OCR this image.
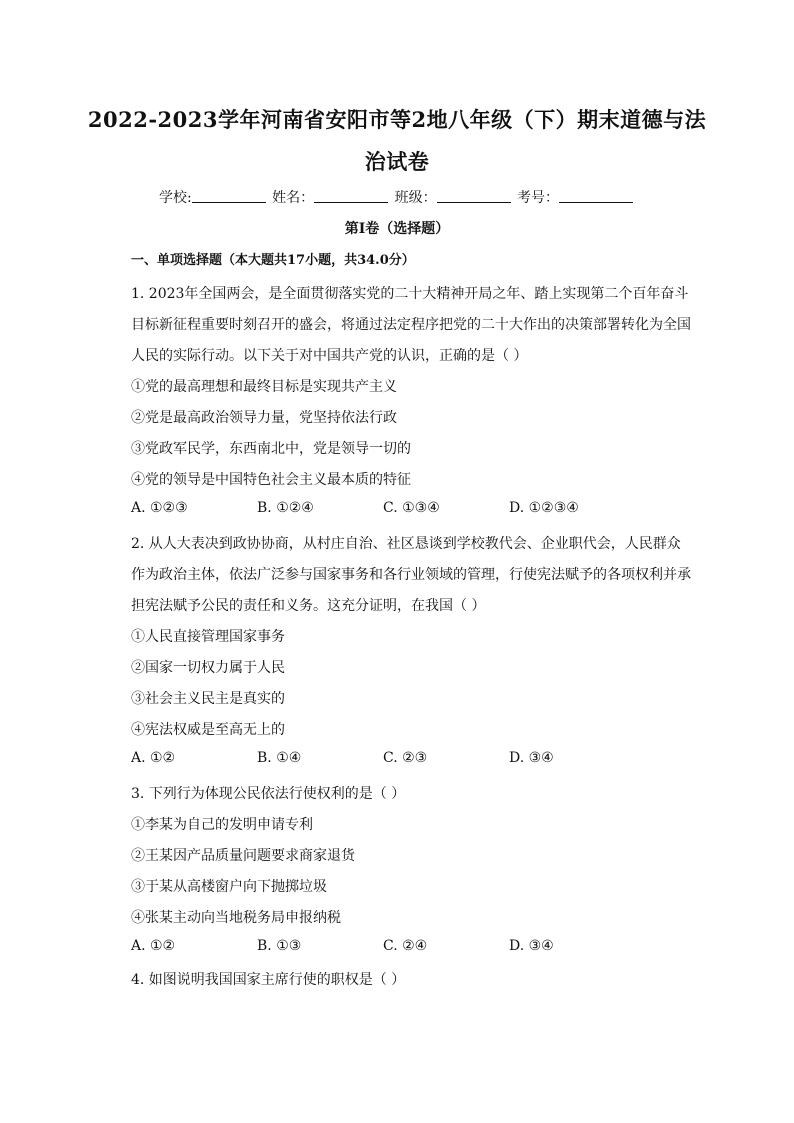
2022-2023学年河南省安阳市等2地八年级（下）期末道德与法
治试卷
学校:	姓名：	班级：	考号：
第I卷（选择题）
一、单项选择题（本大题共17小题，共34.0分）
1. 2023年全国两会，是全面贯彻落实党的二十大精神开局之年、踏上实现第二个百年奋斗
目标新征程重要时刻召开的盛会，将通过法定程序把党的二十大作出的决策部署转化为全国
人民的实际行动。以下关于对中国共产党的认识，正确的是（ ）
①党的最高理想和最终目标是实现共产主义
②党是最高政治领导力量，党坚持依法行政
③党政军民学，东西南北中，党是领导一切的
④党的领导是中国特色社会主义最本质的特征
A. ①②③	B. ①②④	C. ①③④	D. ①②③④
2. 从人大表决到政协协商，从村庄自治、社区恳谈到学校教代会、企业职代会，人民群众
作为政治主体，依法广泛参与国家事务和各行业领域的管理，行使宪法赋予的各项权利并承
担宪法赋予公民的责任和义务。这充分证明，在我国（ ）
①人民直接管理国家事务
②国家一切权力属于人民
③社会主义民主是真实的
④宪法权威是至高无上的
A. ①②	B. ①④	C. ②③	D. ③④
3. 下列行为体现公民依法行使权利的是（ ）
①李某为自己的发明申请专利
②王某因产品质量问题要求商家退货
③于某从高楼窗户向下抛掷垃圾
④张某主动向当地税务局申报纳税
A. ①②	B. ①③	C. ②④	D. ③④
4. 如图说明我国国家主席行使的职权是（ ）
